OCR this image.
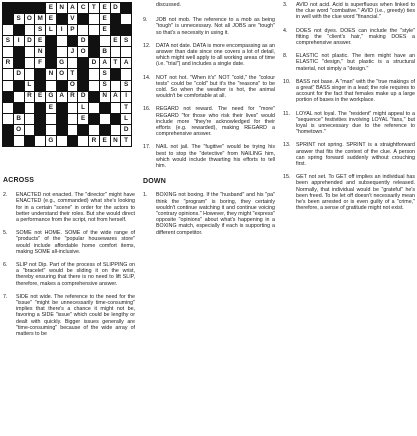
E N A C	T	E D
S O M E	V	E
S	L	I	P	E
S	I	D E	D	E	S
N	J	O	B
R	F	G	D A	T	A
D	N O T	S
L	O	S	S
R E G A R D	N A	I
E	L	T
B	E	L
O	D
G	R E N	T
ACROSS
2.	ENACTED not enacted. The "director" might have ENACTED (e.g., commanded) what she's looking for in a certain "scene" in order for the actors to better understand their roles. But she would direct a performance from the script, not from herself.
5.	SOME not HOME. SOME of the wide range of "products" of the "popular housewares store" would include affordable home comfort items, making SOME all-inclusive.
6.	SLIP not Dip. Part of the process of SLIPPING on a "bracelet" would be sliding it on the wrist, thereby ensuring that there is no need to lift SLIP, therefore, makes a comprehensive answer.
7.	SIDE not wide. The reference to the need for the "issue" "might be unnecessarily time-consuming" implies that there's a chance it might not be, favoring a SIDE "issue" which could be lengthy or dealt with quickly. Bigger issues generally are "time-consuming" because of the wide array of matters to be
discussed.
9.	JOB not mob. The reference to a mob as being "tough" is unnecessary. Not all JOBS are "tough" so that's a necessity in using it.
12.	DATA not date. DATA is more encompassing as an answer than date since one covers a lot of detail, which might well apply to all working areas of time (i.e. "trial") and includes a single date.
14.	NOT not hot. "When it's" NOT "cold," the "colour tests" could be "cold" but it's the "reasons" to be cold. So when the weather is hot, the animal wouldn't be comfortable at all.
16.	REGARD not reward. The need for "more" REGARD "for those who risk their lives" would include more "they're acknowledged for their efforts (e.g. rewarded), making REGARD a comprehensive answer.
17.	NAIL not jail. The "fugitive" would be trying his best to stop the "detective" from NAILING him, which would include thwarting his efforts to tell him.
DOWN
1.	BOXING not boxing. If the "husband" and his "pa" think the "program" is boring, they certainly wouldn't continue watching it and continue voicing "contrary opinions." However, they might "express" opposite "opinions" about what's happening in a BOXING match, especially if each is supporting a different competitor.
3.	AVID not acid. Acid is superfluous when linked to the clue word "combative." AVID (i.e., greedy) ties in well with the clue word "financial."
4.	DOES not dyes. DOES can include the "style" fitting the "client's hair," making DOES a comprehensive answer.
8.	ELASTIC not plastic. The item might have an ELASTIC "design," but plastic is a structural material, not simply a "design."
10.	BASS not base. A "man" with the "true makings of a great" BASS singer in a lead; the role requires to account for the fact that females make up a large portion of bases in the workplace.
11.	LOYAL not loyal. The "resident" might appeal to a "sequence" festivities involving LOYAL "fans," but loyal is unnecessary due to the reference to "hometown."
13.	SPRINT not spring. SPRINT is a straightforward answer that fits the context of the clue. A person can spring forward suddenly without crouching first.
15.	GET not set. To GET off implies an individual has been apprehended and subsequently released. Normally, that individual would be "grateful" he's been freed. To be let off doesn't necessarily mean he's been arrested or is even guilty of a "crime," therefore, a sense of gratitude might not exist.
